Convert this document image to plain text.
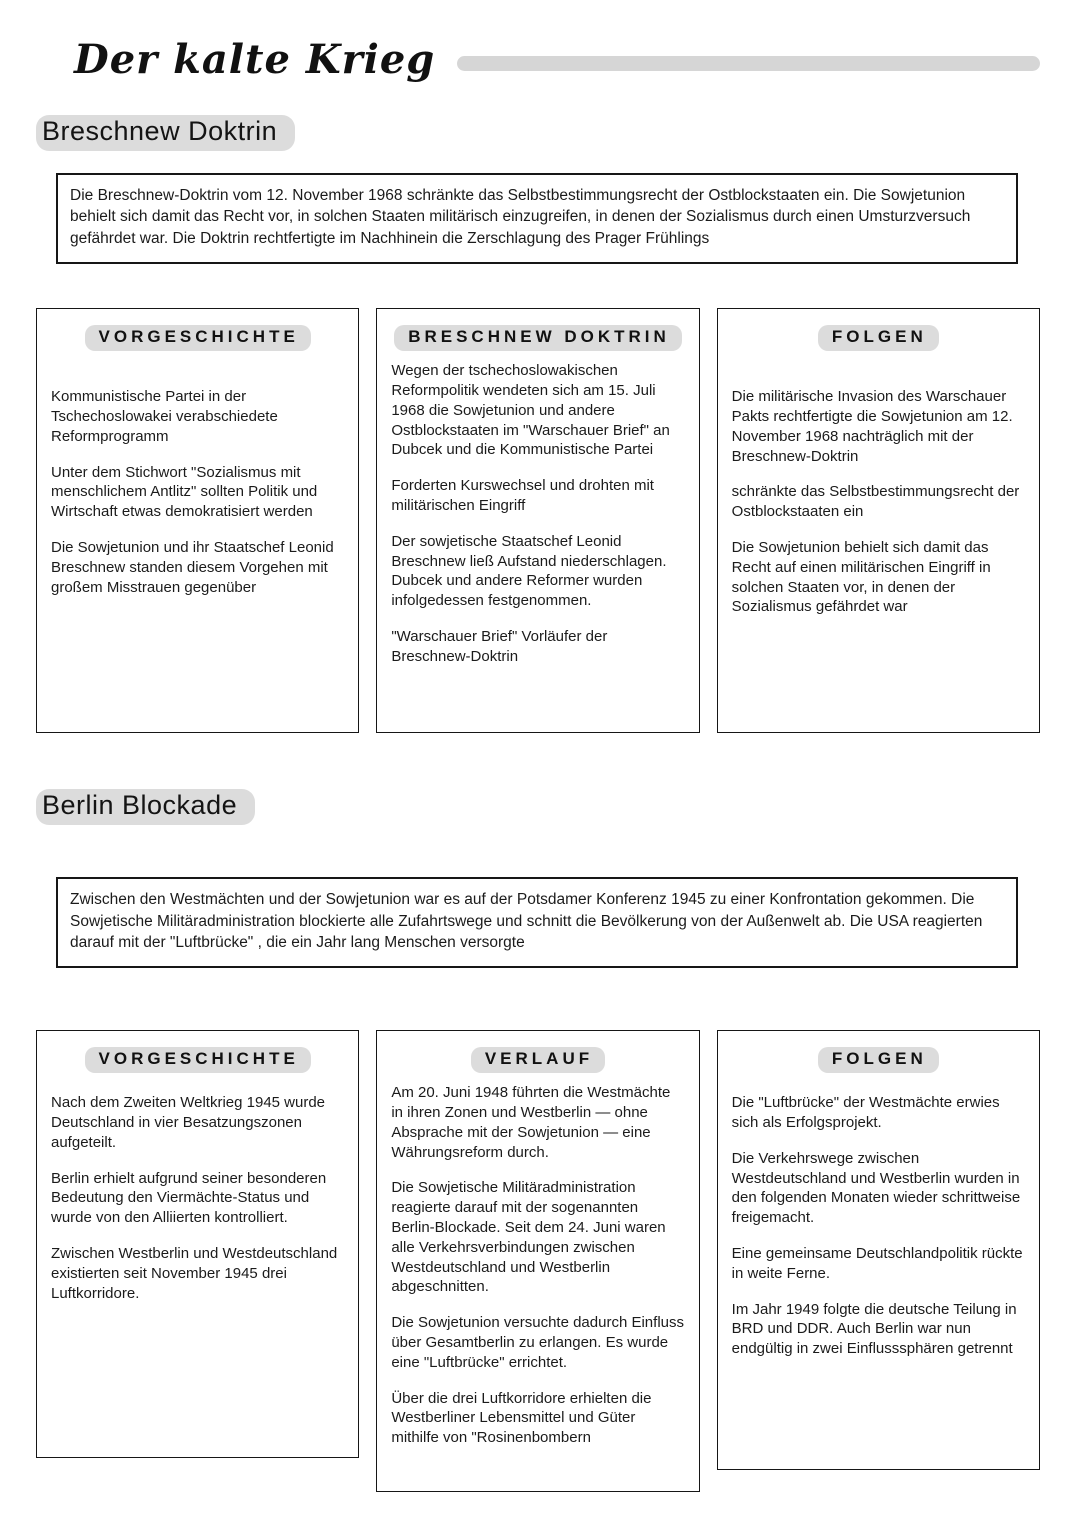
Der kalte Krieg
Breschnew Doktrin

Die Breschnew-Doktrin vom 12. November 1968 schränkte das Selbstbestimmungsrecht der Ostblockstaaten ein. Die Sowjetunion behielt sich damit das Recht vor, in solchen Staaten militärisch einzugreifen, in denen der Sozialismus durch einen Umsturzversuch gefährdet war. Die Doktrin rechtfertigte im Nachhinein die Zerschlagung des Prager Frühlings

VORGESCHICHTE

Kommunistische Partei in der Tschechoslowakei verabschiedete Reformprogramm

Unter dem Stichwort "Sozialismus mit menschlichem Antlitz" sollten Politik und Wirtschaft etwas demokratisiert werden

Die Sowjetunion und ihr Staatschef Leonid Breschnew standen diesem Vorgehen mit großem Misstrauen gegenüber

BRESCHNEW DOKTRIN

Wegen der tschechoslowakischen Reformpolitik wendeten sich am 15. Juli 1968 die Sowjetunion und andere Ostblockstaaten im "Warschauer Brief" an Dubcek und die Kommunistische Partei

Forderten Kurswechsel und drohten mit militärischen Eingriff

Der sowjetische Staatschef Leonid Breschnew ließ Aufstand niederschlagen. Dubcek und andere Reformer wurden infolgedessen festgenommen.

"Warschauer Brief" Vorläufer der Breschnew-Doktrin

FOLGEN

Die militärische Invasion des Warschauer Pakts rechtfertigte die Sowjetunion am 12. November 1968 nachträglich mit der Breschnew-Doktrin

schränkte das Selbstbestimmungsrecht der Ostblockstaaten ein

Die Sowjetunion behielt sich damit das Recht auf einen militärischen Eingriff in solchen Staaten vor, in denen der Sozialismus gefährdet war

Berlin Blockade

Zwischen den Westmächten und der Sowjetunion war es auf der Potsdamer Konferenz 1945 zu einer Konfrontation gekommen. Die Sowjetische Militäradministration blockierte alle Zufahrtswege und schnitt die Bevölkerung von der Außenwelt ab. Die USA reagierten darauf mit der "Luftbrücke" , die ein Jahr lang Menschen versorgte

VORGESCHICHTE

Nach dem Zweiten Weltkrieg 1945 wurde Deutschland in vier Besatzungszonen aufgeteilt.

Berlin erhielt aufgrund seiner besonderen Bedeutung den Viermächte-Status und wurde von den Alliierten kontrolliert.

Zwischen Westberlin und Westdeutschland existierten seit November 1945 drei Luftkorridore.

VERLAUF

Am 20. Juni 1948 führten die Westmächte in ihren Zonen und Westberlin — ohne Absprache mit der Sowjetunion — eine Währungsreform durch.

Die Sowjetische Militäradministration reagierte darauf mit der sogenannten Berlin-Blockade. Seit dem 24. Juni waren alle Verkehrsverbindungen zwischen Westdeutschland und Westberlin abgeschnitten.

Die Sowjetunion versuchte dadurch Einfluss über Gesamtberlin zu erlangen. Es wurde eine "Luftbrücke" errichtet.

Über die drei Luftkorridore erhielten die Westberliner Lebensmittel und Güter mithilfe von "Rosinenbombern

FOLGEN

Die "Luftbrücke" der Westmächte erwies sich als Erfolgsprojekt.

Die Verkehrswege zwischen Westdeutschland und Westberlin wurden in den folgenden Monaten wieder schrittweise freigemacht.

Eine gemeinsame Deutschlandpolitik rückte in weite Ferne.

Im Jahr 1949 folgte die deutsche Teilung in BRD und DDR. Auch Berlin war nun endgültig in zwei Einflusssphären getrennt
